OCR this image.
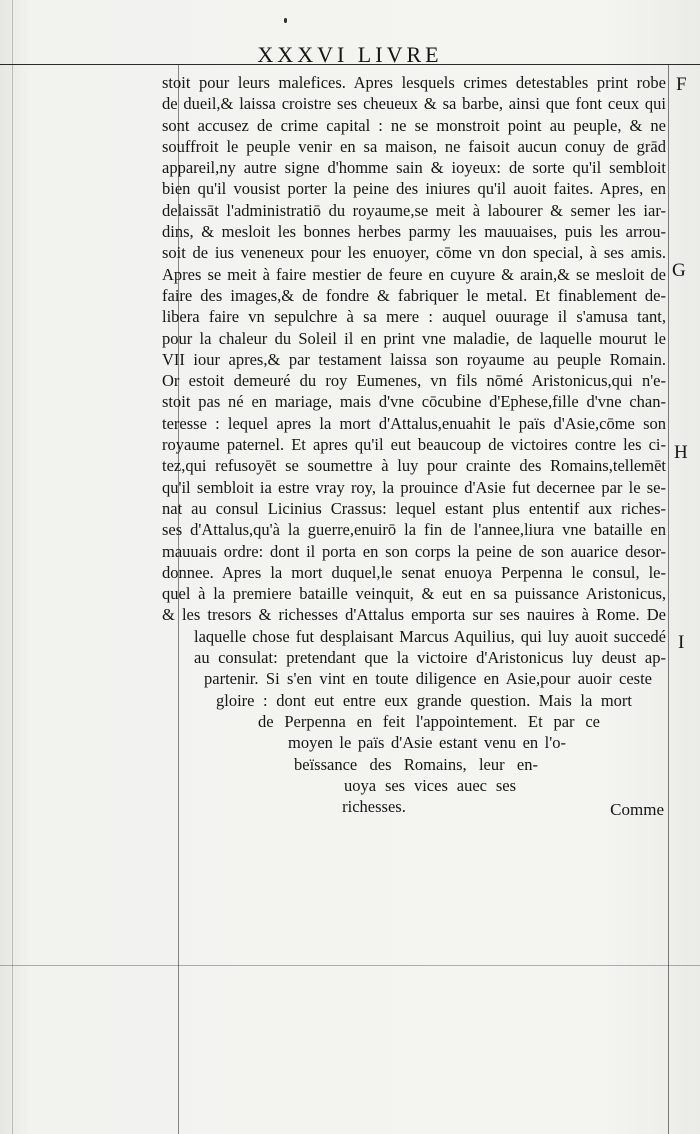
XXXVI LIVRE
F
G
H
I
stoit pour leurs malefices. Apres lesquels crimes detestables print robe
de dueil,& laissa croistre ses cheueux & sa barbe, ainsi que font ceux qui
sont accusez de crime capital : ne se monstroit point au peuple, & ne
souffroit le peuple venir en sa maison, ne faisoit aucun conuy de grād
appareil,ny autre signe d'homme sain & ioyeux: de sorte qu'il sembloit
bien qu'il vousist porter la peine des iniures qu'il auoit faites. Apres, en
delaissāt l'administratiō du royaume,se meit à labourer & semer les iar-
dins, & mesloit les bonnes herbes parmy les mauuaises, puis les arrou-
soit de ius veneneux pour les enuoyer, cōme vn don special, à ses amis.
Apres se meit à faire mestier de feure en cuyure & arain,& se mesloit de
faire des images,& de fondre & fabriquer le metal. Et finablement de-
libera faire vn sepulchre à sa mere : auquel ouurage il s'amusa tant,
pour la chaleur du Soleil il en print vne maladie, de laquelle mourut le
VII iour apres,& par testament laissa son royaume au peuple Romain.
Or estoit demeuré du roy Eumenes, vn fils nōmé Aristonicus,qui n'e-
stoit pas né en mariage, mais d'vne cōcubine d'Ephese,fille d'vne chan-
teresse : lequel apres la mort d'Attalus,enuahit le païs d'Asie,cōme son
royaume paternel. Et apres qu'il eut beaucoup de victoires contre les ci-
tez,qui refusoyēt se soumettre à luy pour crainte des Romains,tellemēt
qu'il sembloit ia estre vray roy, la prouince d'Asie fut decernee par le se-
nat au consul Licinius Crassus: lequel estant plus ententif aux riches-
ses d'Attalus,qu'à la guerre,enuirō la fin de l'annee,liura vne bataille en
mauuais ordre: dont il porta en son corps la peine de son auarice desor-
donnee. Apres la mort duquel,le senat enuoya Perpenna le consul, le-
quel à la premiere bataille veinquit, & eut en sa puissance Aristonicus,
& les tresors & richesses d'Attalus emporta sur ses nauires à Rome. De
laquelle chose fut desplaisant Marcus Aquilius, qui luy auoit succedé
au consulat: pretendant que la victoire d'Aristonicus luy deust ap-
partenir. Si s'en vint en toute diligence en Asie,pour auoir ceste
gloire : dont eut entre eux grande question. Mais la mort
de Perpenna en feit l'appointement. Et par ce
moyen le païs d'Asie estant venu en l'o-
beïssance des Romains, leur en-
uoya ses vices auec ses
richesses.	Comme
